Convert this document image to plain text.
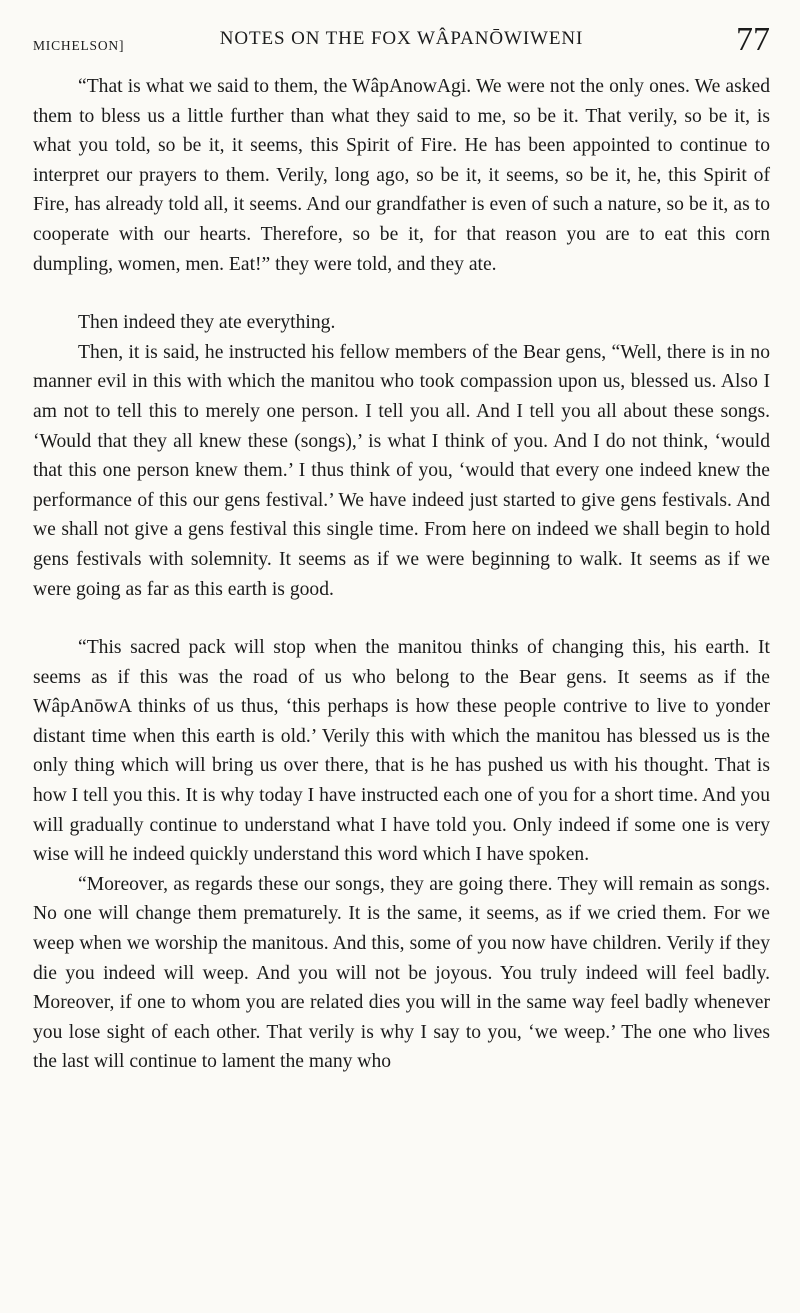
MICHELSON]	NOTES ON THE FOX WÂPANŌWIWENI	77

“That is what we said to them, the WâpAnowAgi. We were not the only ones. We asked them to bless us a little further than what they said to me, so be it. That verily, so be it, is what you told, so be it, it seems, this Spirit of Fire. He has been appointed to continue to interpret our prayers to them. Verily, long ago, so be it, it seems, so be it, he, this Spirit of Fire, has already told all, it seems. And our grandfather is even of such a nature, so be it, as to cooperate with our hearts. Therefore, so be it, for that reason you are to eat this corn dumpling, women, men. Eat!” they were told, and they ate.

Then indeed they ate everything.

Then, it is said, he instructed his fellow members of the Bear gens, “Well, there is in no manner evil in this with which the manitou who took compassion upon us, blessed us. Also I am not to tell this to merely one person. I tell you all. And I tell you all about these songs. ‘Would that they all knew these (songs),’ is what I think of you. And I do not think, ‘would that this one person knew them.’ I thus think of you, ‘would that every one indeed knew the performance of this our gens festival.’ We have indeed just started to give gens festivals. And we shall not give a gens festival this single time. From here on indeed we shall begin to hold gens festivals with solemnity. It seems as if we were beginning to walk. It seems as if we were going as far as this earth is good.

“This sacred pack will stop when the manitou thinks of changing this, his earth. It seems as if this was the road of us who belong to the Bear gens. It seems as if the WâpAnōwA thinks of us thus, ‘this perhaps is how these people contrive to live to yonder distant time when this earth is old.’ Verily this with which the manitou has blessed us is the only thing which will bring us over there, that is he has pushed us with his thought. That is how I tell you this. It is why today I have instructed each one of you for a short time. And you will gradually continue to understand what I have told you. Only indeed if some one is very wise will he indeed quickly understand this word which I have spoken.

“Moreover, as regards these our songs, they are going there. They will remain as songs. No one will change them prematurely. It is the same, it seems, as if we cried them. For we weep when we worship the manitous. And this, some of you now have children. Verily if they die you indeed will weep. And you will not be joyous. You truly indeed will feel badly. Moreover, if one to whom you are related dies you will in the same way feel badly whenever you lose sight of each other. That verily is why I say to you, ‘we weep.’ The one who lives the last will continue to lament the many who
